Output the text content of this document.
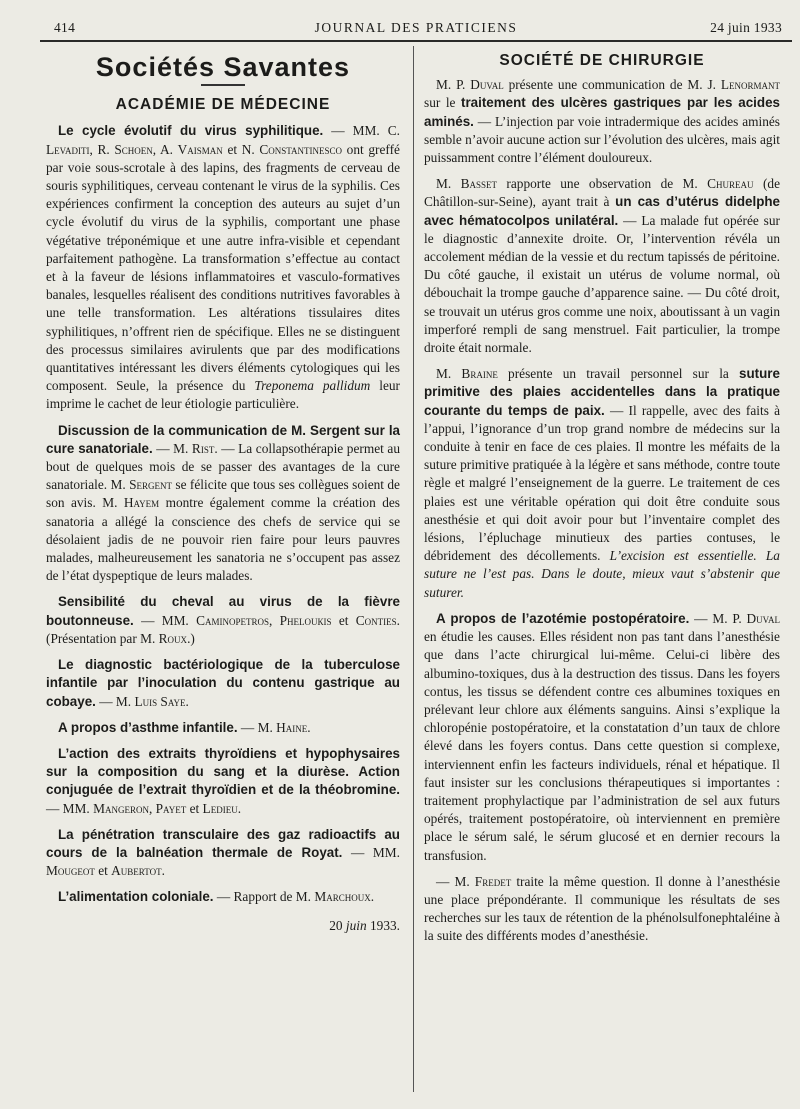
414	JOURNAL DES PRATICIENS	24 juin 1933
Sociétés Savantes
ACADÉMIE DE MÉDECINE

Le cycle évolutif du virus syphilitique. — MM. C. Levaditi, R. Schoen, A. Vaisman et N. Constantinesco ont greffé par voie sous-scrotale à des lapins, des fragments de cerveau de souris syphilitiques, cerveau contenant le virus de la syphilis. Ces expériences confirment la conception des auteurs au sujet d’un cycle évolutif du virus de la syphilis, comportant une phase végétative tréponémique et une autre infra-visible et cependant parfaitement pathogène. La transformation s’effectue au contact et à la faveur de lésions inflammatoires et vasculo-formatives banales, lesquelles réalisent des conditions nutritives favorables à une telle transformation. Les altérations tissulaires dites syphilitiques, n’offrent rien de spécifique. Elles ne se distinguent des processus similaires avirulents que par des modifications quantitatives intéressant les divers éléments cytologiques qui les composent. Seule, la présence du Treponema pallidum leur imprime le cachet de leur étiologie particulière.

Discussion de la communication de M. Sergent sur la cure sanatoriale. — M. Rist. — La collapsothérapie permet au bout de quelques mois de se passer des avantages de la cure sanatoriale. M. Sergent se félicite que tous ses collègues soient de son avis. M. Hayem montre également comme la création des sanatoria a allégé la conscience des chefs de service qui se désolaient jadis de ne pouvoir rien faire pour leurs pauvres malades, malheureusement les sanatoria ne s’occupent pas assez de l’état dyspeptique de leurs malades.

Sensibilité du cheval au virus de la fièvre boutonneuse. — MM. Caminopetros, Phelouкis et Conties. (Présentation par M. Roux.)

Le diagnostic bactériologique de la tuberculose infantile par l’inoculation du contenu gastrique au cobaye. — M. Luis Saye.

A propos d’asthme infantile. — M. Haine.

L’action des extraits thyroïdiens et hypophysaires sur la composition du sang et la diurèse. Action conjuguée de l’extrait thyroïdien et de la théobromine. — MM. Mangeron, Payet et Ledieu.

La pénétration transculaire des gaz radioactifs au cours de la balnéation thermale de Royat. — MM. Mougeot et Aubertot.

L’alimentation coloniale. — Rapport de M. Marchoux.

20 juin 1933.
SOCIÉTÉ DE CHIRURGIE

M. P. Duval présente une communication de M. J. Lenormant sur le traitement des ulcères gastriques par les acides aminés. — L’injection par voie intradermique des acides aminés semble n’avoir aucune action sur l’évolution des ulcères, mais agit puissamment contre l’élément douloureux.

M. Basset rapporte une observation de M. Chureau (de Châtillon-sur-Seine), ayant trait à un cas d’utérus didelphe avec hématocolpos unilatéral. — La malade fut opérée sur le diagnostic d’annexite droite. Or, l’intervention révéla un accolement médian de la vessie et du rectum tapissés de péritoine. Du côté gauche, il existait un utérus de volume normal, où débouchait la trompe gauche d’apparence saine. — Du côté droit, se trouvait un utérus gros comme une noix, aboutissant à un vagin imperforé rempli de sang menstruel. Fait particulier, la trompe droite était normale.

M. Braine présente un travail personnel sur la suture primitive des plaies accidentelles dans la pratique courante du temps de paix. — Il rappelle, avec des faits à l’appui, l’ignorance d’un trop grand nombre de médecins sur la conduite à tenir en face de ces plaies. Il montre les méfaits de la suture primitive pratiquée à la légère et sans méthode, contre toute règle et malgré l’enseignement de la guerre. Le traitement de ces plaies est une véritable opération qui doit être conduite sous anesthésie et qui doit avoir pour but l’inventaire complet des lésions, l’épluchage minutieux des parties contuses, le débridement des décollements. L’excision est essentielle. La suture ne l’est pas. Dans le doute, mieux vaut s’abstenir que suturer.

A propos de l’azotémie postopératoire. — M. P. Duval en étudie les causes. Elles résident non pas tant dans l’anesthésie que dans l’acte chirurgical lui-même. Celui-ci libère des albumino-toxiques, dus à la destruction des tissus. Dans les foyers contus, les tissus se défendent contre ces albumines toxiques en prélevant leur chlore aux éléments sanguins. Ainsi s’explique la chloropénie postopératoire, et la constatation d’un taux de chlore élevé dans les foyers contus. Dans cette question si complexe, interviennent enfin les facteurs individuels, rénal et hépatique. Il faut insister sur les conclusions thérapeutiques si importantes : traitement prophylactique par l’administration de sel aux futurs opérés, traitement postopératoire, où interviennent en première place le sérum salé, le sérum glucosé et en dernier recours la transfusion.

— M. Fredet traite la même question. Il donne à l’anesthésie une place prépondérante. Il communique les résultats de ses recherches sur les taux de rétention de la phénolsulfonephtaléine à la suite des différents modes d’anesthésie.
